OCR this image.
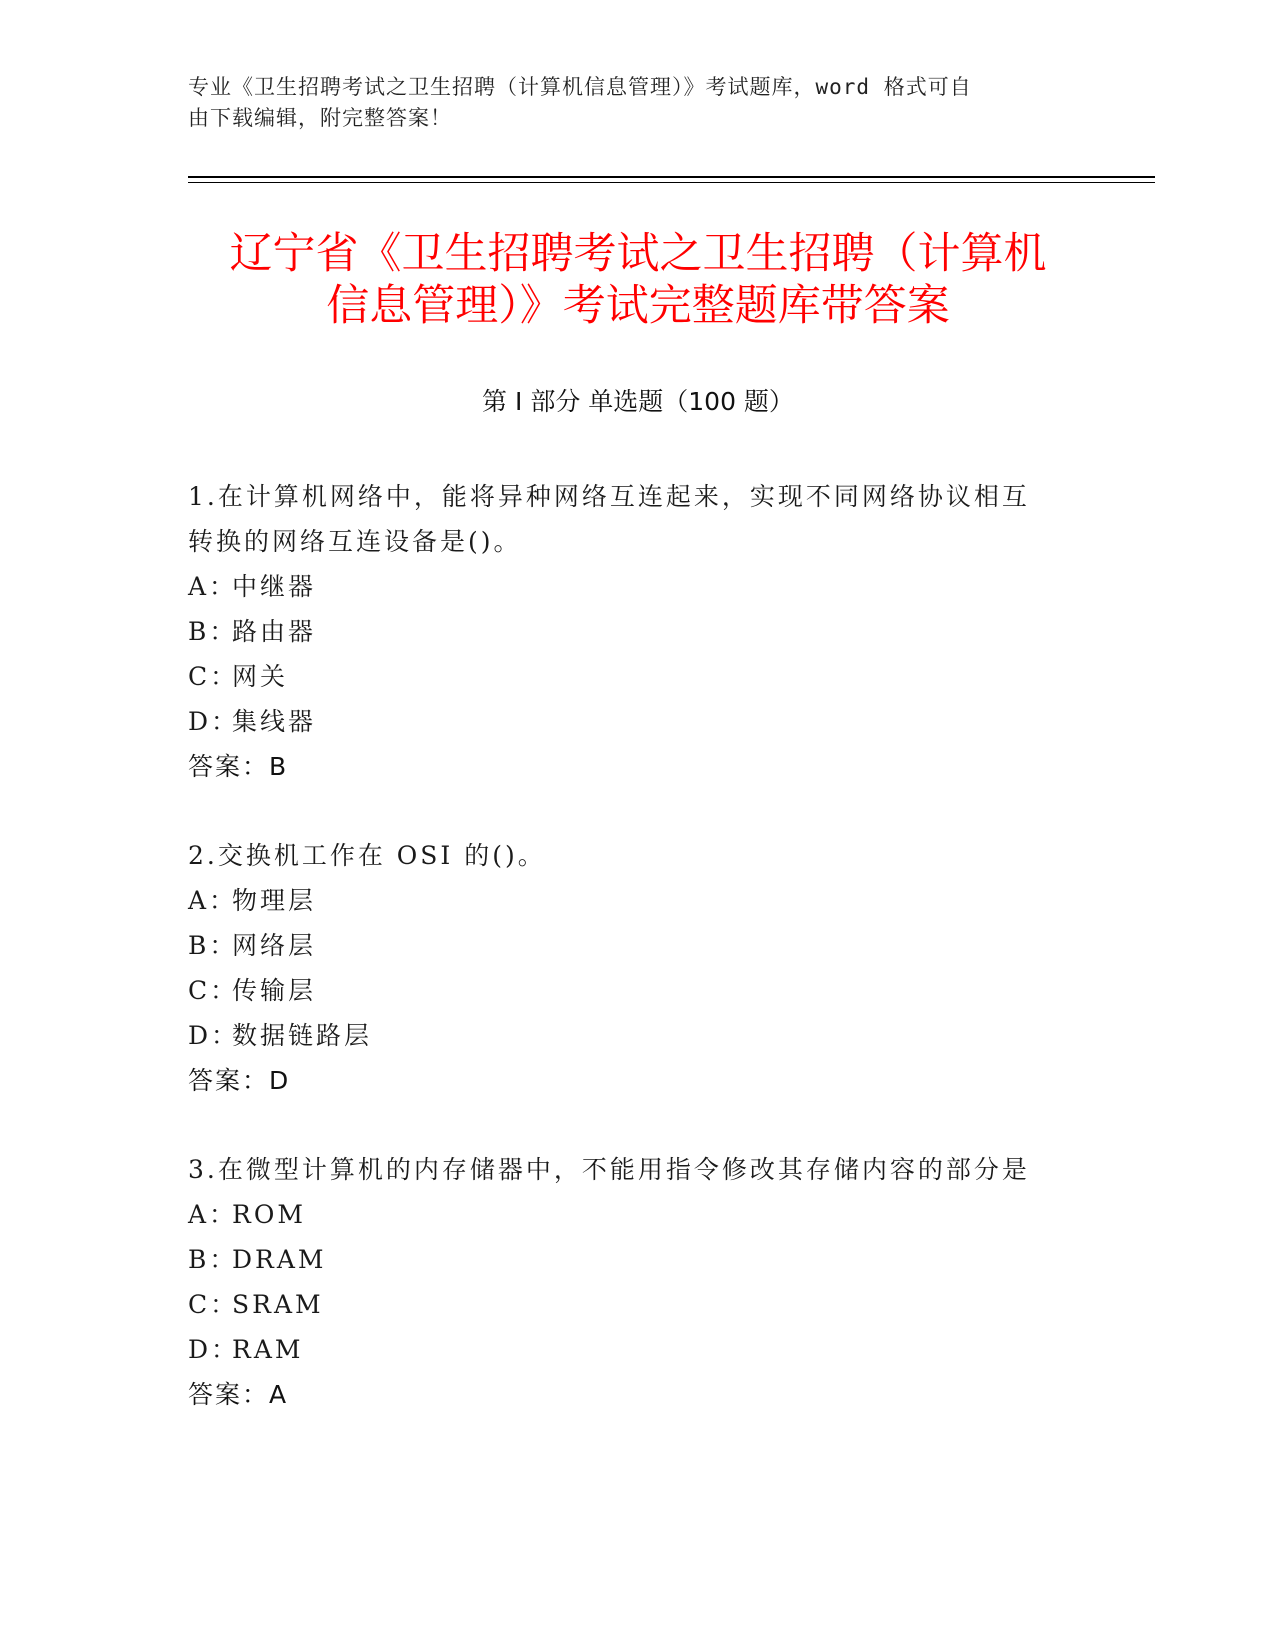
专业《卫生招聘考试之卫生招聘（计算机信息管理）》考试题库，word 格式可自
由下载编辑，附完整答案！
辽宁省《卫生招聘考试之卫生招聘（计算机
信息管理）》考试完整题库带答案
第 I 部分 单选题（100 题）

1.在计算机网络中，能将异种网络互连起来，实现不同网络协议相互

转换的网络互连设备是()。

A：
中继器

B：
路由器

C：
网关

D：
集线器

答案：B

2.交换机工作在 OSI 的()。

A：
物理层

B：
网络层

C：
传输层

D：
数据链路层

答案：D

3.在微型计算机的内存储器中，不能用指令修改其存储内容的部分是

A：
ROM

B：
DRAM

C：
SRAM

D：
RAM

答案：A
